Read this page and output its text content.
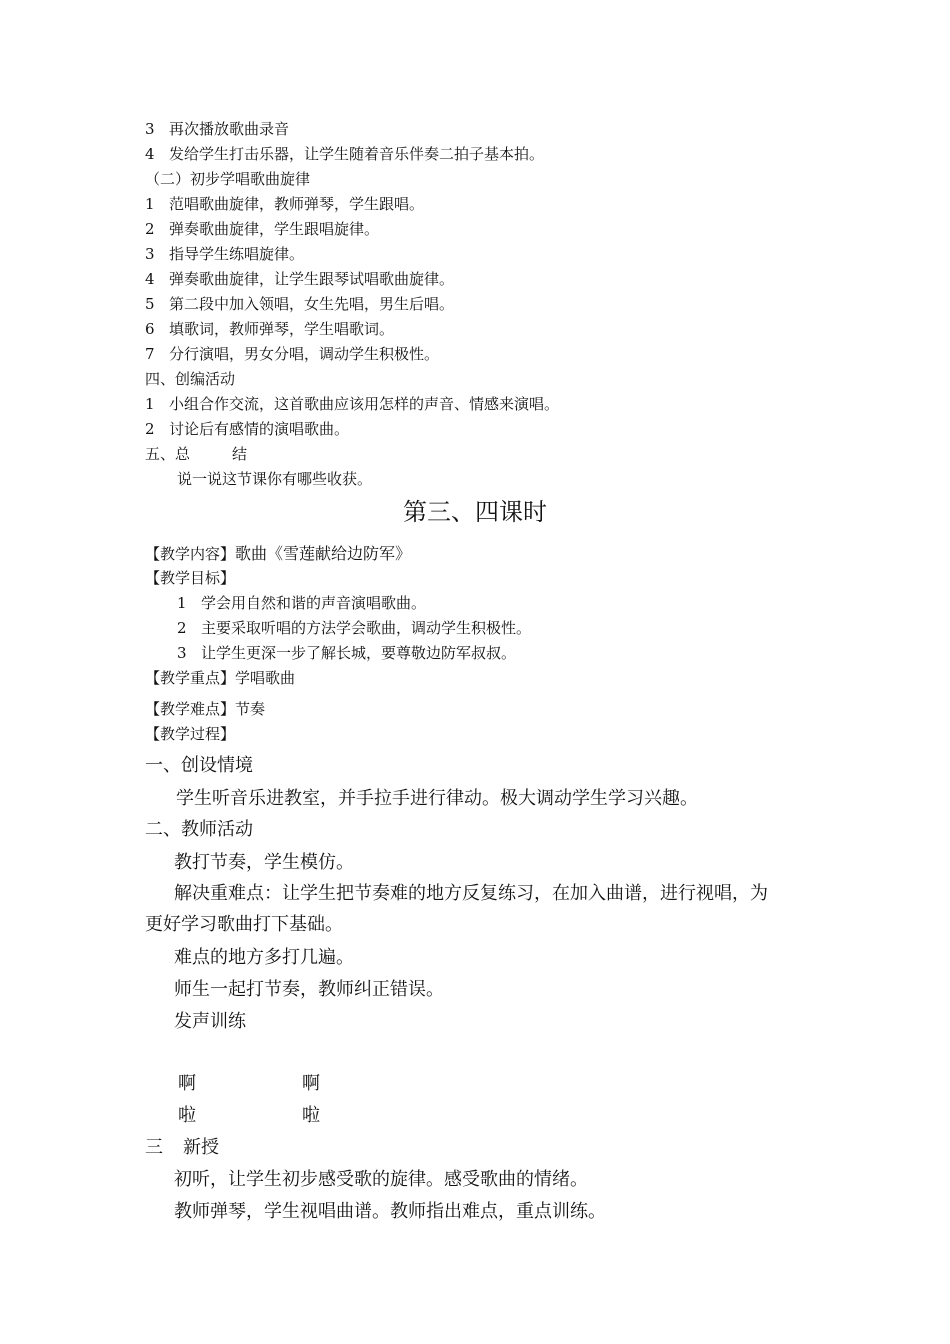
3 再次播放歌曲录音
4 发给学生打击乐器，让学生随着音乐伴奏二拍子基本拍。
（二）初步学唱歌曲旋律
1 范唱歌曲旋律，教师弹琴，学生跟唱。
2 弹奏歌曲旋律，学生跟唱旋律。
3 指导学生练唱旋律。
4 弹奏歌曲旋律，让学生跟琴试唱歌曲旋律。
5 第二段中加入领唱，女生先唱，男生后唱。
6 填歌词，教师弹琴，学生唱歌词。
7 分行演唱，男女分唱，调动学生积极性。
四、创编活动
1 小组合作交流，这首歌曲应该用怎样的声音、情感来演唱。
2 讨论后有感情的演唱歌曲。
五、总	结
说一说这节课你有哪些收获。
第三、四课时
【教学内容】歌曲《雪莲献给边防军》
【教学目标】
1 学会用自然和谐的声音演唱歌曲。
2 主要采取听唱的方法学会歌曲，调动学生积极性。
3 让学生更深一步了解长城，要尊敬边防军叔叔。
【教学重点】学唱歌曲
【教学难点】节奏
【教学过程】
一、创设情境
学生听音乐进教室，并手拉手进行律动。极大调动学生学习兴趣。
二、教师活动
教打节奏，学生模仿。
解决重难点：让学生把节奏难的地方反复练习，在加入曲谱，进行视唱，为
更好学习歌曲打下基础。
难点的地方多打几遍。
师生一起打节奏，教师纠正错误。
发声训练
啊	啊
啦	啦
三 新授
初听，让学生初步感受歌的旋律。感受歌曲的情绪。
教师弹琴，学生视唱曲谱。教师指出难点，重点训练。
